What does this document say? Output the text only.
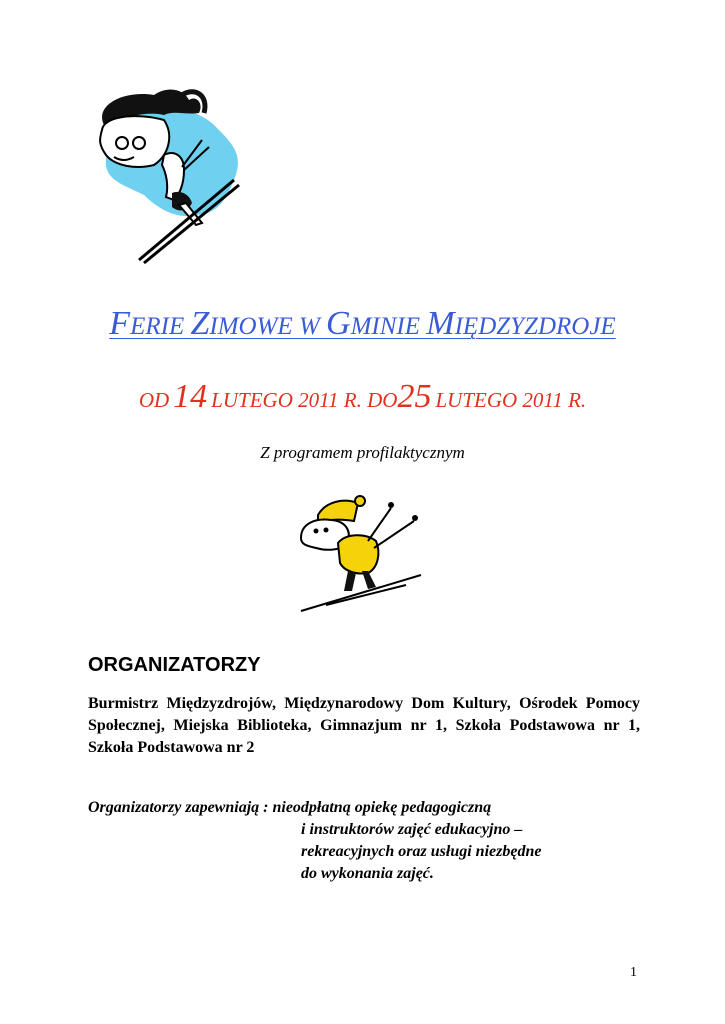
FERIE ZIMOWE W GMINIE MIĘDZYZDROJE
OD 14 LUTEGO 2011 R. DO25 LUTEGO 2011 R.
Z programem profilaktycznym
ORGANIZATORZY
Burmistrz Międzyzdrojów, Międzynarodowy Dom Kultury, Ośrodek Pomocy Społecznej, Miejska Biblioteka, Gimnazjum nr 1, Szkoła Podstawowa nr 1, Szkoła Podstawowa nr 2
Organizatorzy zapewniają : nieodpłatną opiekę pedagogiczną
i instruktorów zajęć edukacyjno –
rekreacyjnych oraz usługi niezbędne
do wykonania zajęć.
1
